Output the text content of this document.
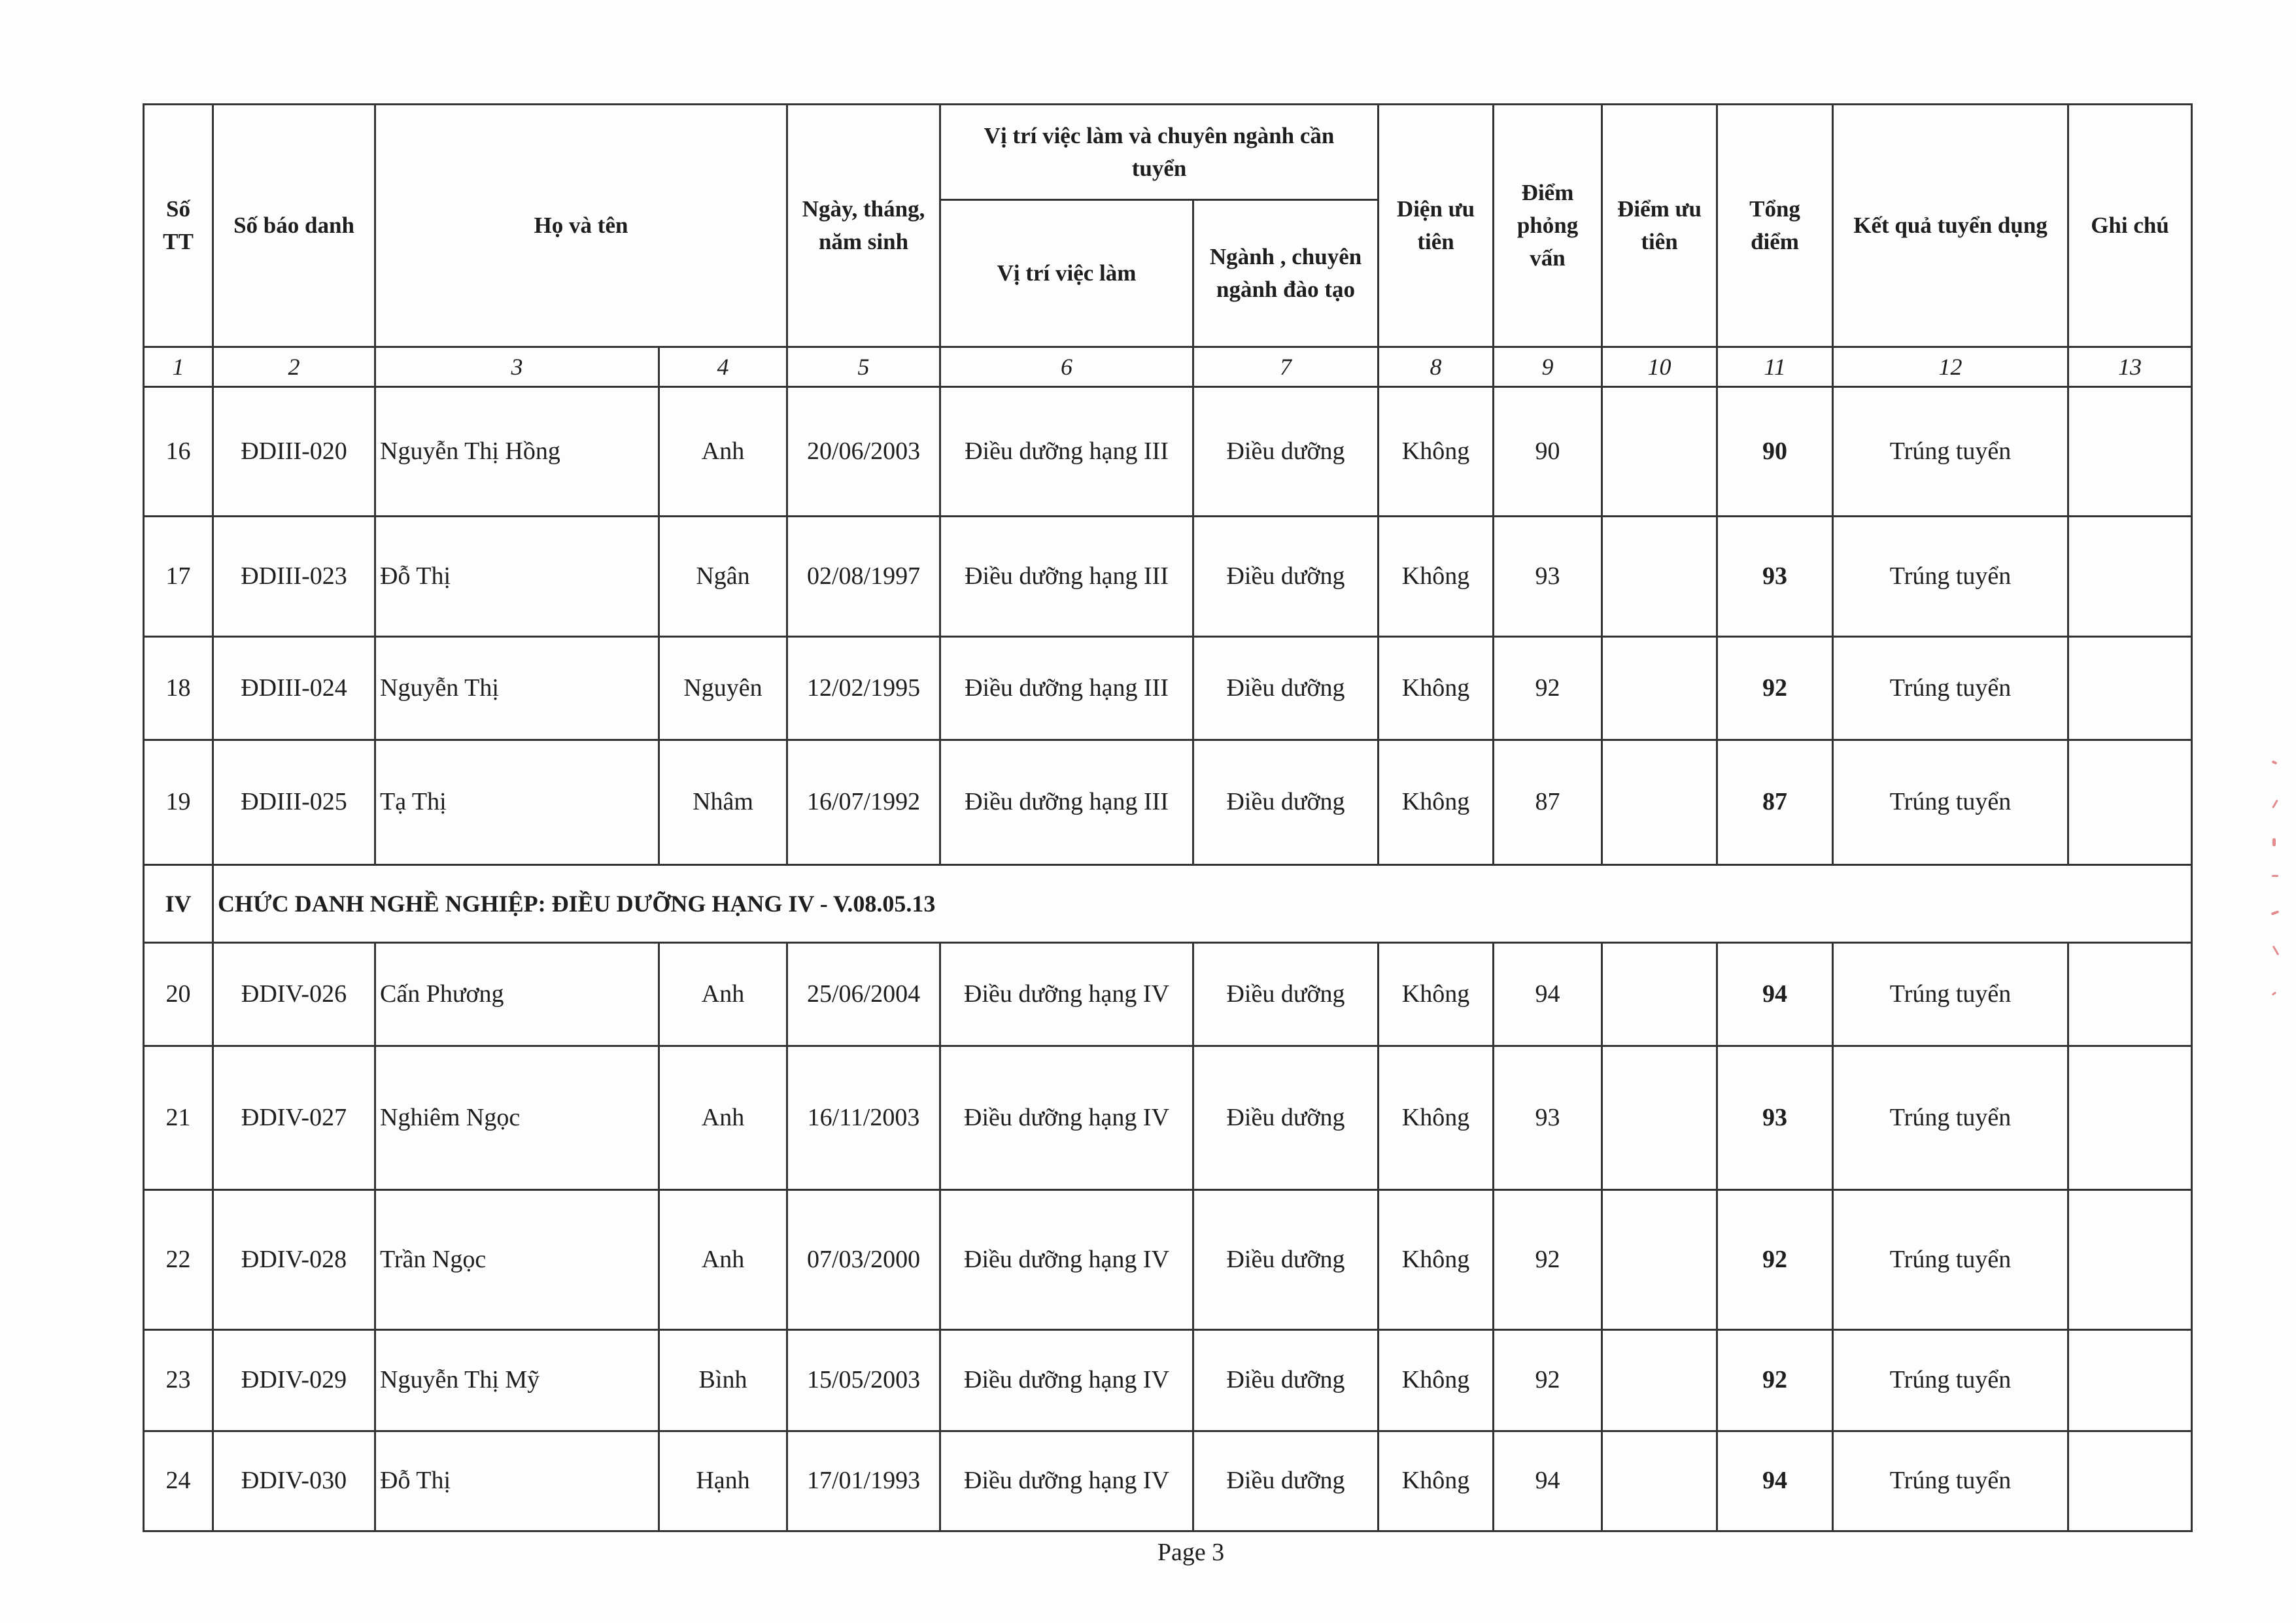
Số TT	Số báo danh	Họ và tên		Ngày, tháng, năm sinh	Vị trí việc làm và chuyên ngành cần tuyển		Diện ưu tiên	Điểm phỏng vấn	Điểm ưu tiên	Tổng điểm	Kết quả tuyển dụng	Ghi chú
					Vị trí việc làm	Ngành , chuyên ngành đào tạo						
1	2	3	4	5	6	7	8	9	10	11	12	13
16	ĐDIII-020	Nguyễn Thị Hồng	Anh	20/06/2003	Điều dưỡng hạng III	Điều dưỡng	Không	90		90	Trúng tuyển	
17	ĐDIII-023	Đỗ Thị	Ngân	02/08/1997	Điều dưỡng hạng III	Điều dưỡng	Không	93		93	Trúng tuyển	
18	ĐDIII-024	Nguyễn Thị	Nguyên	12/02/1995	Điều dưỡng hạng III	Điều dưỡng	Không	92		92	Trúng tuyển	
19	ĐDIII-025	Tạ Thị	Nhâm	16/07/1992	Điều dưỡng hạng III	Điều dưỡng	Không	87		87	Trúng tuyển	
IV	CHỨC DANH NGHỀ NGHIỆP: ĐIỀU DƯỠNG HẠNG IV - V.08.05.13											
20	ĐDIV-026	Cấn Phương	Anh	25/06/2004	Điều dưỡng hạng IV	Điều dưỡng	Không	94		94	Trúng tuyển	
21	ĐDIV-027	Nghiêm Ngọc	Anh	16/11/2003	Điều dưỡng hạng IV	Điều dưỡng	Không	93		93	Trúng tuyển	
22	ĐDIV-028	Trần Ngọc	Anh	07/03/2000	Điều dưỡng hạng IV	Điều dưỡng	Không	92		92	Trúng tuyển	
23	ĐDIV-029	Nguyễn Thị Mỹ	Bình	15/05/2003	Điều dưỡng hạng IV	Điều dưỡng	Không	92		92	Trúng tuyển	
24	ĐDIV-030	Đỗ Thị	Hạnh	17/01/1993	Điều dưỡng hạng IV	Điều dưỡng	Không	94		94	Trúng tuyển	
Page 3
